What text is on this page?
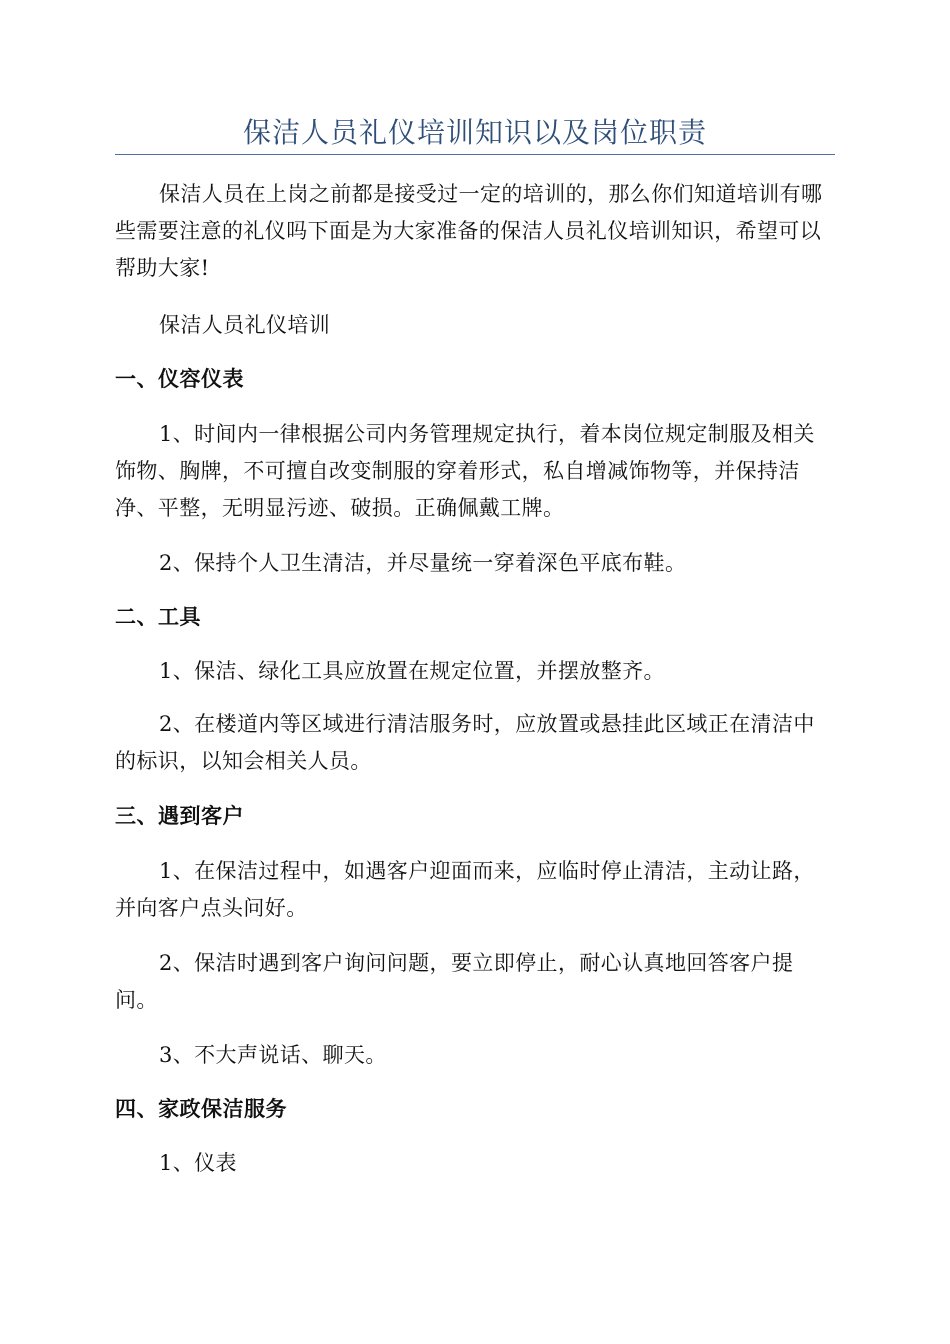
保洁人员礼仪培训知识以及岗位职责
保洁人员在上岗之前都是接受过一定的培训的，那么你们知道培训有哪些需要注意的礼仪吗下面是为大家准备的保洁人员礼仪培训知识，希望可以帮助大家!
保洁人员礼仪培训
一、仪容仪表
1、时间内一律根据公司内务管理规定执行，着本岗位规定制服及相关饰物、胸牌，不可擅自改变制服的穿着形式，私自增减饰物等，并保持洁净、平整，无明显污迹、破损。正确佩戴工牌。
2、保持个人卫生清洁，并尽量统一穿着深色平底布鞋。
二、工具
1、保洁、绿化工具应放置在规定位置，并摆放整齐。
2、在楼道内等区域进行清洁服务时，应放置或悬挂此区域正在清洁中的标识，以知会相关人员。
三、遇到客户
1、在保洁过程中，如遇客户迎面而来，应临时停止清洁，主动让路，并向客户点头问好。
2、保洁时遇到客户询问问题，要立即停止，耐心认真地回答客户提问。
3、不大声说话、聊天。
四、家政保洁服务
1、仪表
